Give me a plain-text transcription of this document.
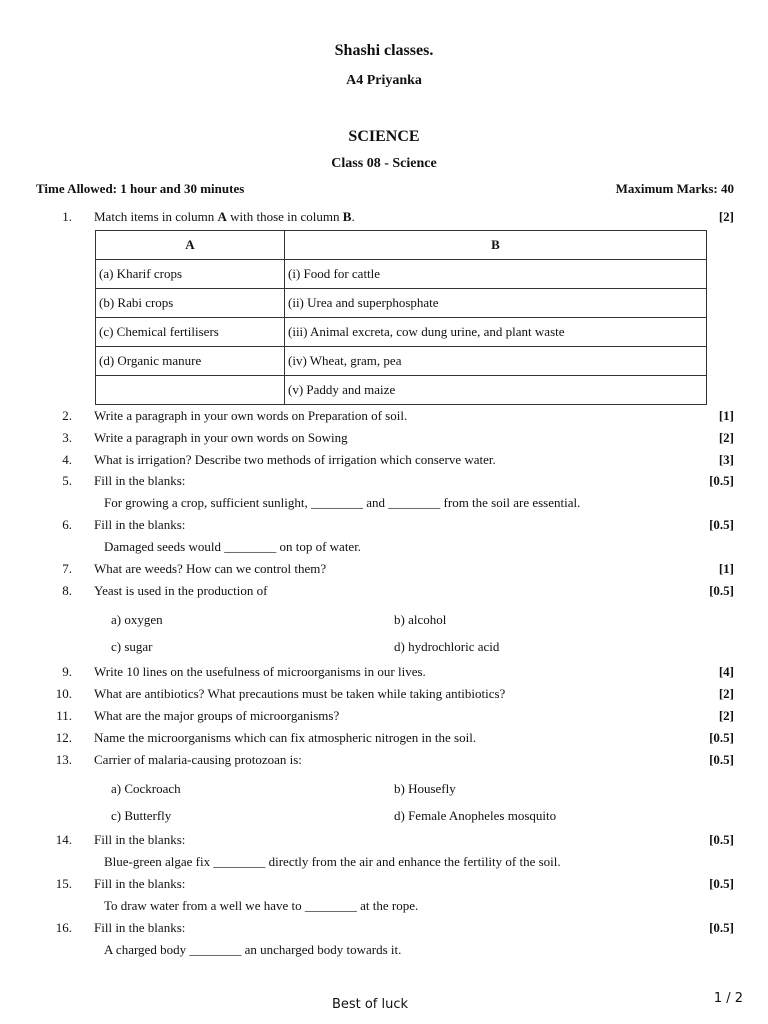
Shashi classes.
A4 Priyanka
SCIENCE
Class 08 - Science
Time Allowed: 1 hour and 30 minutes	Maximum Marks: 40
1. Match items in column A with those in column B.	[2]
A	B
(a) Kharif crops	(i) Food for cattle
(b) Rabi crops	(ii) Urea and superphosphate
(c) Chemical fertilisers	(iii) Animal excreta, cow dung urine, and plant waste
(d) Organic manure	(iv) Wheat, gram, pea
	(v) Paddy and maize
2. Write a paragraph in your own words on Preparation of soil.	[1]
3. Write a paragraph in your own words on Sowing	[2]
4. What is irrigation? Describe two methods of irrigation which conserve water.	[3]
5. Fill in the blanks:	[0.5]
For growing a crop, sufficient sunlight, ________ and ________ from the soil are essential.
6. Fill in the blanks:	[0.5]
Damaged seeds would ________ on top of water.
7. What are weeds? How can we control them?	[1]
8. Yeast is used in the production of	[0.5]
a) oxygen	b) alcohol
c) sugar	d) hydrochloric acid
9. Write 10 lines on the usefulness of microorganisms in our lives.	[4]
10. What are antibiotics? What precautions must be taken while taking antibiotics?	[2]
11. What are the major groups of microorganisms?	[2]
12. Name the microorganisms which can fix atmospheric nitrogen in the soil.	[0.5]
13. Carrier of malaria-causing protozoan is:	[0.5]
a) Cockroach	b) Housefly
c) Butterfly	d) Female Anopheles mosquito
14. Fill in the blanks:	[0.5]
Blue-green algae fix ________ directly from the air and enhance the fertility of the soil.
15. Fill in the blanks:	[0.5]
To draw water from a well we have to ________ at the rope.
16. Fill in the blanks:	[0.5]
A charged body ________ an uncharged body towards it.
Best of luck	1 / 2
